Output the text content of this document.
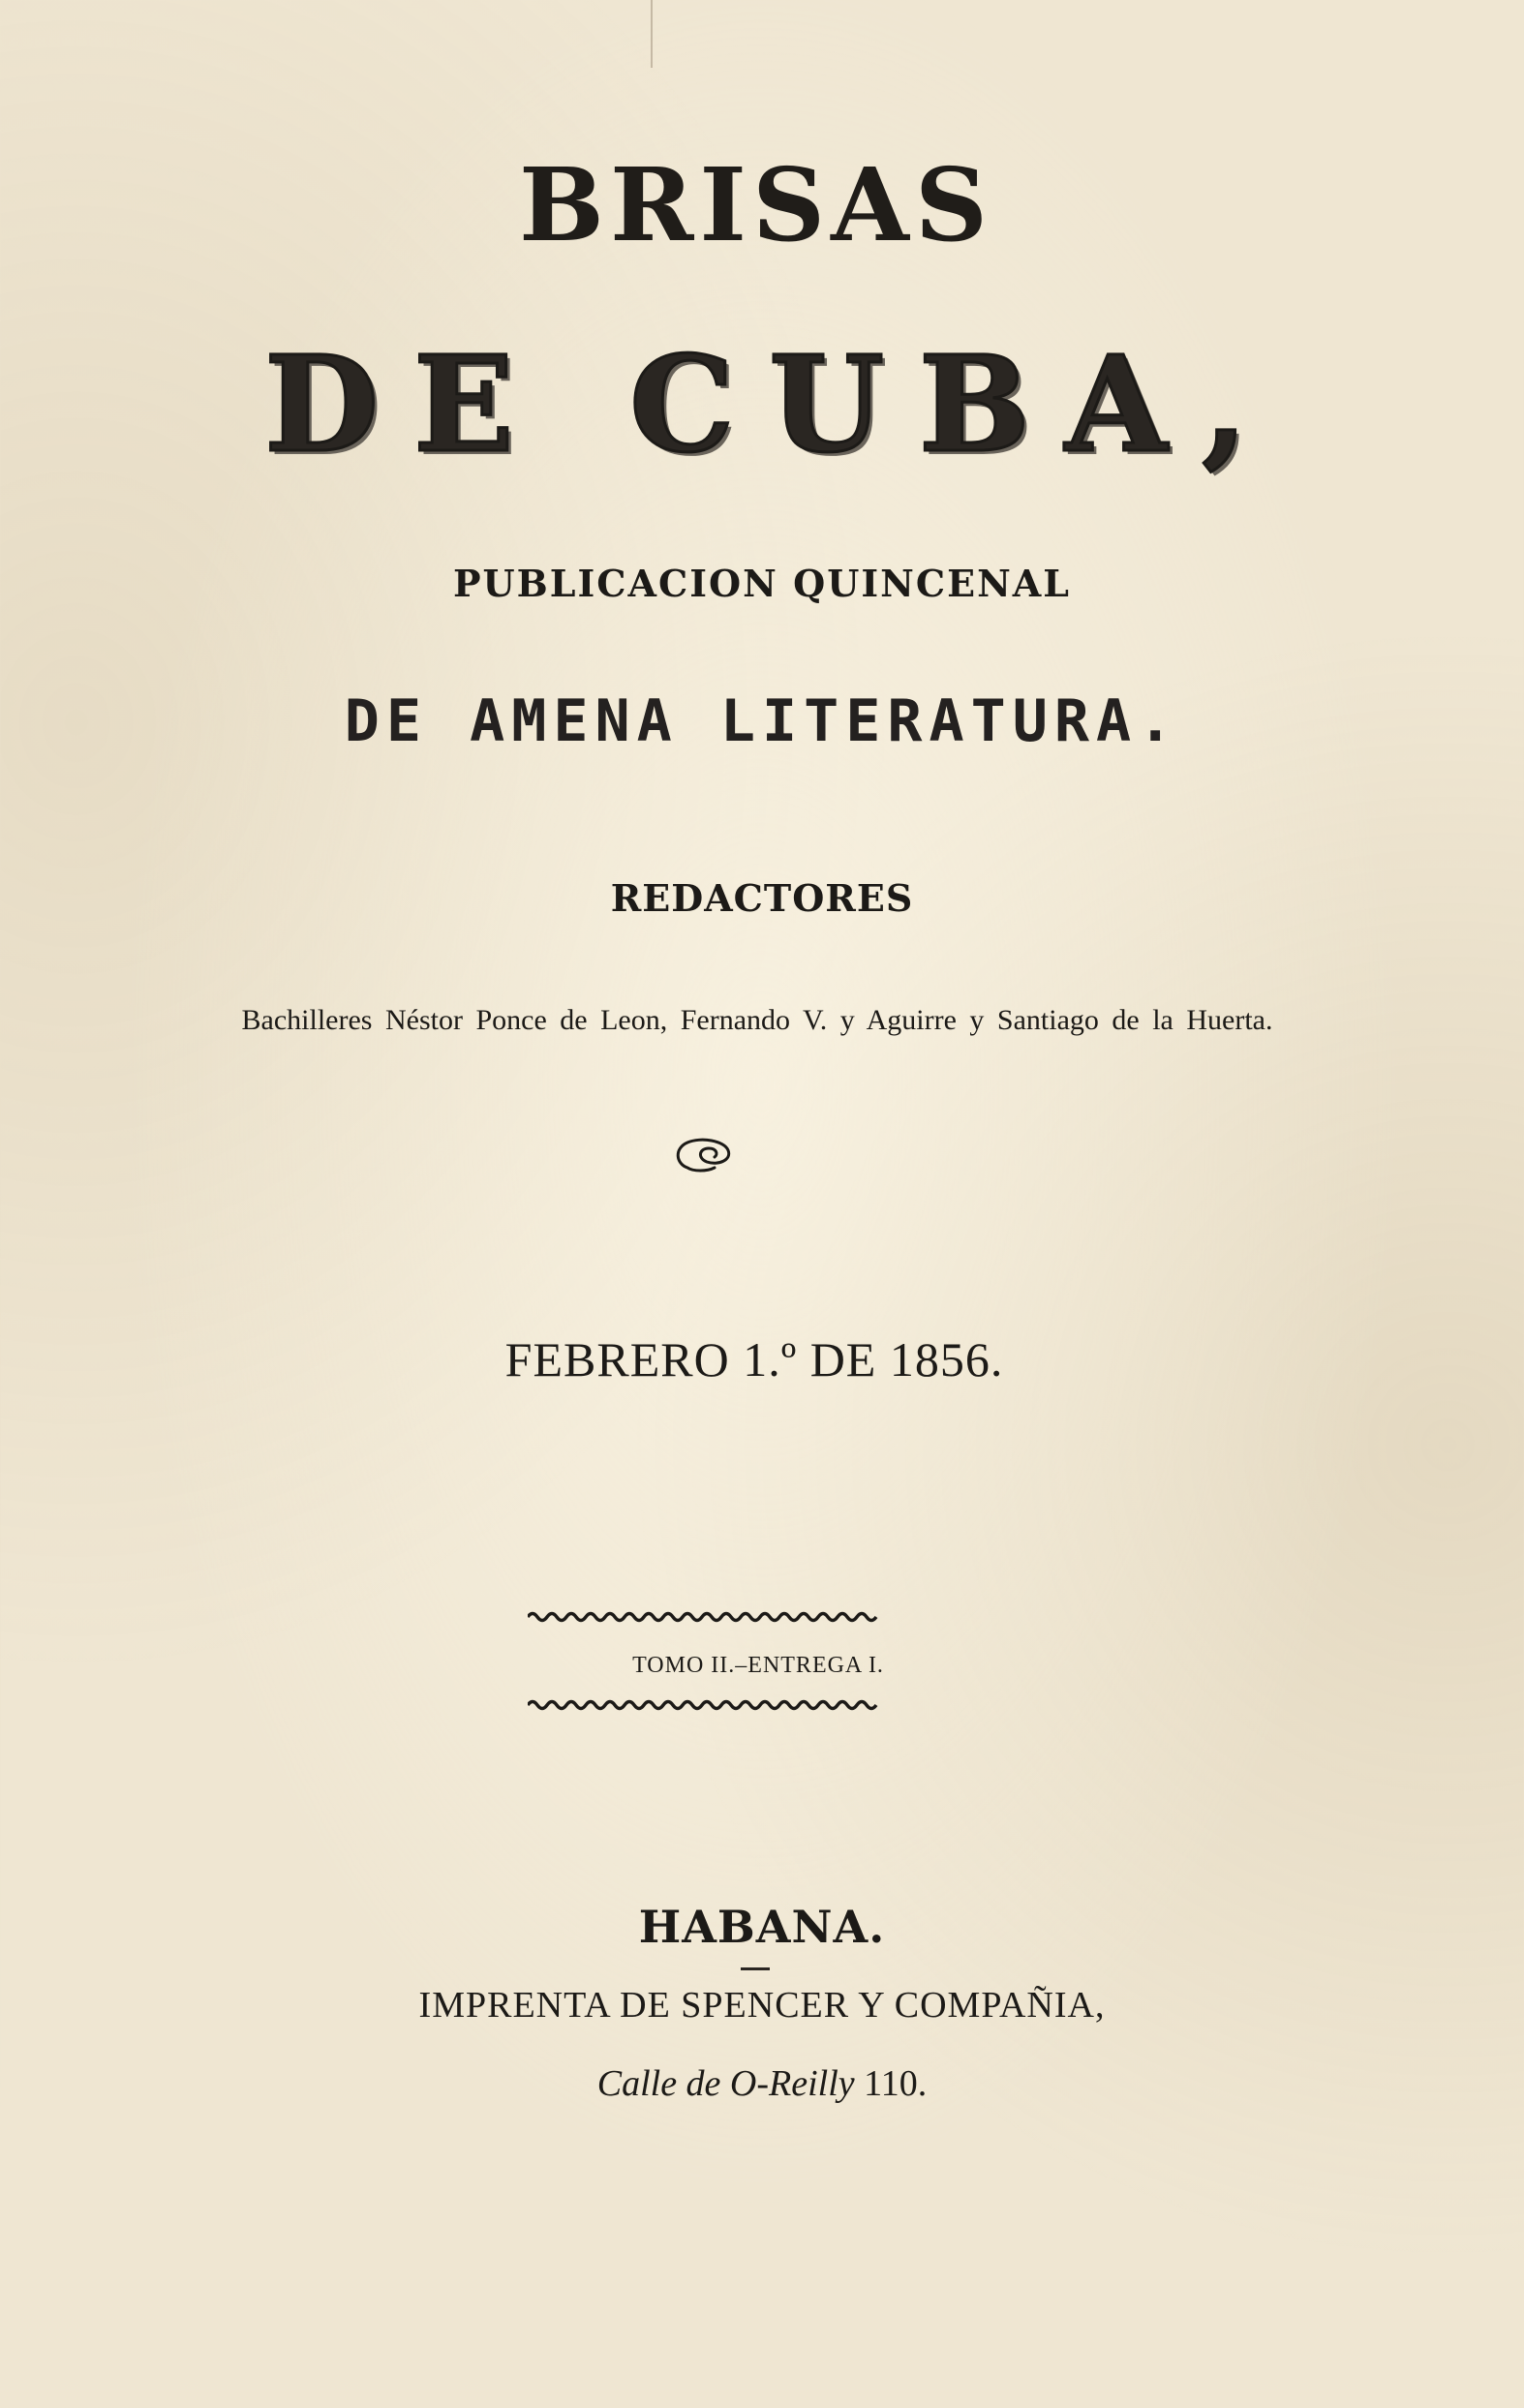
BRISAS
DE CUBA,
PUBLICACION QUINCENAL
DE AMENA LITERATURA.
REDACTORES
Bachilleres Néstor Ponce de Leon, Fernando V. y Aguirre y Santiago de la Huerta.
FEBRERO 1.º DE 1856.
TOMO II.–ENTREGA I.
HABANA.
IMPRENTA DE SPENCER Y COMPAÑIA,
Calle de O-Reilly 110.
